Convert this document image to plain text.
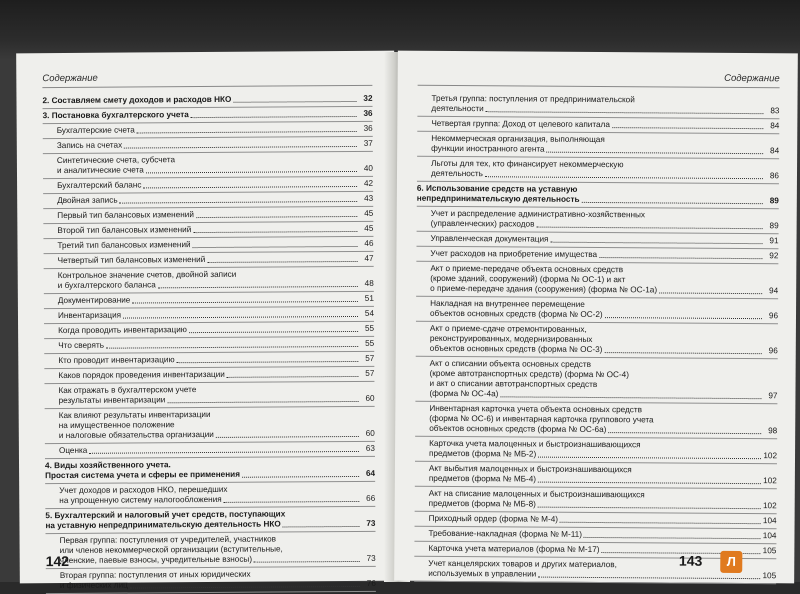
Содержание
2. Составляем смету доходов и расходов НКО	32
3. Постановка бухгалтерского учета	36
Бухгалтерские счета	36
Запись на счетах	37
Синтетические счета, субсчета
и аналитические счета	40
Бухгалтерский баланс	42
Двойная запись	43
Первый тип балансовых изменений	45
Второй тип балансовых изменений	45
Третий тип балансовых изменений	46
Четвертый тип балансовых изменений	47
Контрольное значение счетов, двойной записи
и бухгалтерского баланса	48
Документирование	51
Инвентаризация	54
Когда проводить инвентаризацию	55
Что сверять	55
Кто проводит инвентаризацию	57
Каков порядок проведения инвентаризации	57
Как отражать в бухгалтерском учете
результаты инвентаризации	60
Как влияют результаты инвентаризации
на имущественное положение
и налоговые обязательства организации	60
Оценка	63
4. Виды хозяйственного учета.
Простая система учета и сферы ее применения	64
Учет доходов и расходов НКО, перешедших
на упрощенную систему налогообложения	66
5. Бухгалтерский и налоговый учет средств, поступающих
на уставную непредпринимательскую деятельность НКО	73
Первая группа: поступления от учредителей, участников
или членов некоммерческой организации (вступительные,
членские, паевые взносы, учредительные взносы)	73
Вторая группа: поступления от иных юридических
и физических лиц	76
142
Содержание
Третья группа: поступления от предпринимательской
деятельности	83
Четвертая группа: Доход от целевого капитала	84
Некоммерческая организация, выполняющая
функции иностранного агента	84
Льготы для тех, кто финансирует некоммерческую
деятельность	86
6. Использование средств на уставную
непредпринимательскую деятельность	89
Учет и распределение административно-хозяйственных
(управленческих) расходов	89
Управленческая документация	91
Учет расходов на приобретение имущества	92
Акт о приеме-передаче объекта основных средств
(кроме зданий, сооружений) (форма № ОС-1) и акт
о приеме-передаче здания (сооружения) (форма № ОС-1а)	94
Накладная на внутреннее перемещение
объектов основных средств (форма № ОС-2)	96
Акт о приеме-сдаче отремонтированных,
реконструированных, модернизированных
объектов основных средств (форма № ОС-3)	96
Акт о списании объекта основных средств
(кроме автотранспортных средств) (форма № ОС-4)
и акт о списании автотранспортных средств
(форма № ОС-4а)	97
Инвентарная карточка учета объекта основных средств
(форма № ОС-6) и инвентарная карточка группового учета
объектов основных средств (форма № ОС-6а)	98
Карточка учета малоценных и быстроизнашивающихся
предметов (форма № МБ-2)	102
Акт выбытия малоценных и быстроизнашивающихся
предметов (форма № МБ-4)	102
Акт на списание малоценных и быстроизнашивающихся
предметов (форма № МБ-8)	102
Приходный ордер (форма № М-4)	104
Требование-накладная (форма № М-11)	104
Карточка учета материалов (форма № М-17)	105
Учет канцелярских товаров и других материалов,
используемых в управлении	105
143	Л
